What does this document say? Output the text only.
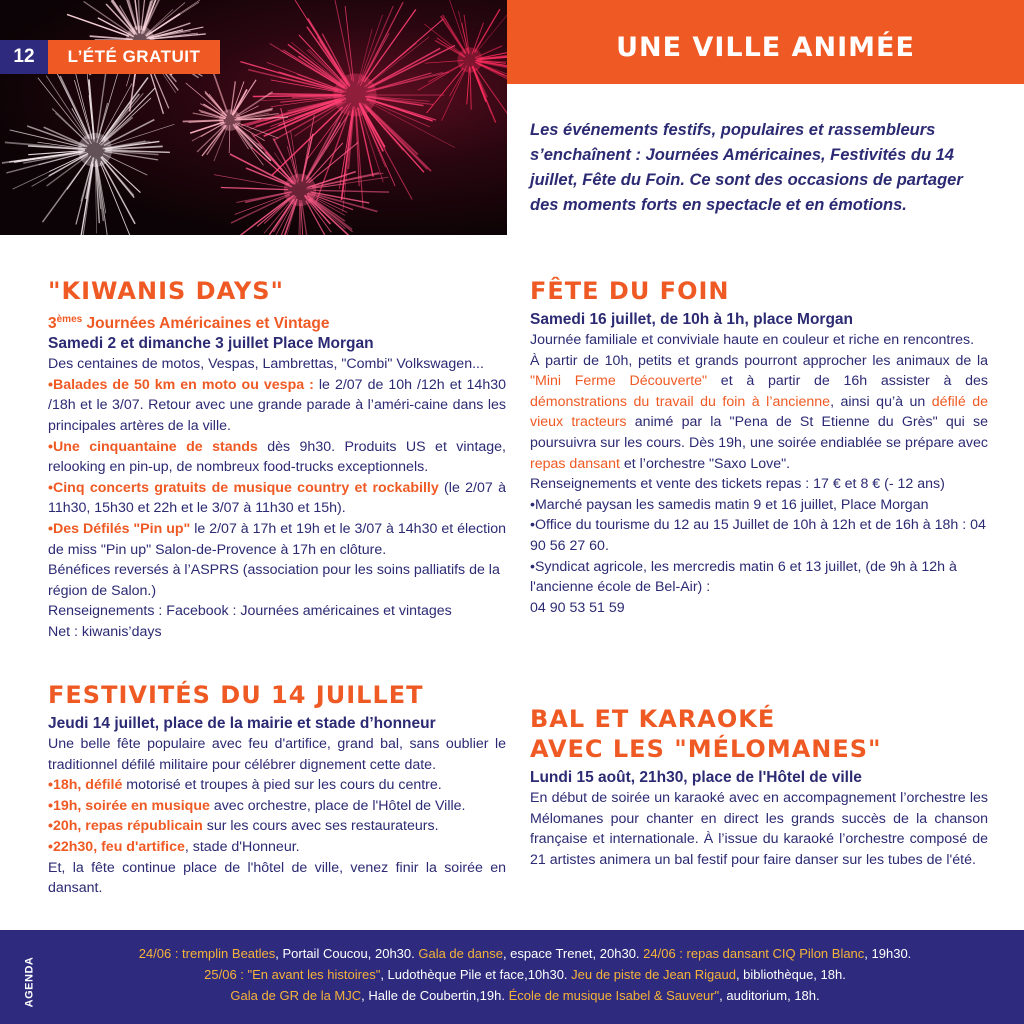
12	L’ÉTÉ GRATUIT	UNE VILLE ANIMÉE
Les événements festifs, populaires et rassembleurs s’enchaînent : Journées Américaines, Festivités du 14 juillet, Fête du Foin. Ce sont des occasions de partager des moments forts en spectacle et en émotions.
"KIWANIS DAYS"
3èmes Journées Américaines et Vintage
Samedi 2 et dimanche 3 juillet Place Morgan

Des centaines de motos, Vespas, Lambrettas, "Combi" Volkswagen...

•Balades de 50 km en moto ou vespa : le 2/07 de 10h /12h et 14h30 /18h et le 3/07. Retour avec une grande parade à l’améri-caine dans les principales artères de la ville.

•Une cinquantaine de stands dès 9h30. Produits US et vintage, relooking en pin-up, de nombreux food-trucks exceptionnels.

•Cinq concerts gratuits de musique country et rockabilly (le 2/07 à 11h30, 15h30 et 22h et le 3/07 à 11h30 et 15h).

•Des Défilés "Pin up" le 2/07 à 17h et 19h et le 3/07 à 14h30 et élection de miss "Pin up" Salon-de-Provence à 17h en clôture.

Bénéfices reversés à l’ASPRS (association pour les soins palliatifs de la région de Salon.)

Renseignements : Facebook : Journées américaines et vintages

Net : kiwanis’days

FÊTE DU FOIN
Samedi 16 juillet, de 10h à 1h, place Morgan

Journée familiale et conviviale haute en couleur et riche en rencontres.

À partir de 10h, petits et grands pourront approcher les animaux de la "Mini Ferme Découverte" et à partir de 16h assister à des démonstrations du travail du foin à l’ancienne, ainsi qu’à un défilé de vieux tracteurs animé par la "Pena de St Etienne du Grès" qui se poursuivra sur les cours. Dès 19h, une soirée endiablée se prépare avec repas dansant et l’orchestre "Saxo Love".

Renseignements et vente des tickets repas : 17 € et 8 € (- 12 ans)

•Marché paysan les samedis matin 9 et 16 juillet, Place Morgan

•Office du tourisme du 12 au 15 Juillet de 10h à 12h et de 16h à 18h : 04 90 56 27 60.

•Syndicat agricole, les mercredis matin 6 et 13 juillet, (de 9h à 12h à l'ancienne école de Bel-Air) :

04 90 53 51 59

FESTIVITÉS DU 14 JUILLET
Jeudi 14 juillet, place de la mairie et stade d’honneur

Une belle fête populaire avec feu d'artifice, grand bal, sans oublier le traditionnel défilé militaire pour célébrer dignement cette date.

•18h, défilé motorisé et troupes à pied sur les cours du centre.

•19h, soirée en musique avec orchestre, place de l'Hôtel de Ville.

•20h, repas républicain sur les cours avec ses restaurateurs.

•22h30, feu d'artifice, stade d'Honneur.

Et, la fête continue place de l'hôtel de ville, venez finir la soirée en dansant.

BAL ET KARAOKÉ
AVEC LES "MÉLOMANES"
Lundi 15 août, 21h30, place de l'Hôtel de ville

En début de soirée un karaoké avec en accompagnement l’orchestre les Mélomanes pour chanter en direct les grands succès de la chanson française et internationale. À l’issue du karaoké l’orchestre composé de 21 artistes animera un bal festif pour faire danser sur les tubes de l'été.

AGENDA
24/06 : tremplin Beatles, Portail Coucou, 20h30. Gala de danse, espace Trenet, 20h30. 24/06 : repas dansant CIQ Pilon Blanc, 19h30.
25/06 : "En avant les histoires", Ludothèque Pile et face,10h30. Jeu de piste de Jean Rigaud, bibliothèque, 18h.
Gala de GR de la MJC, Halle de Coubertin,19h. École de musique Isabel & Sauveur", auditorium, 18h.
